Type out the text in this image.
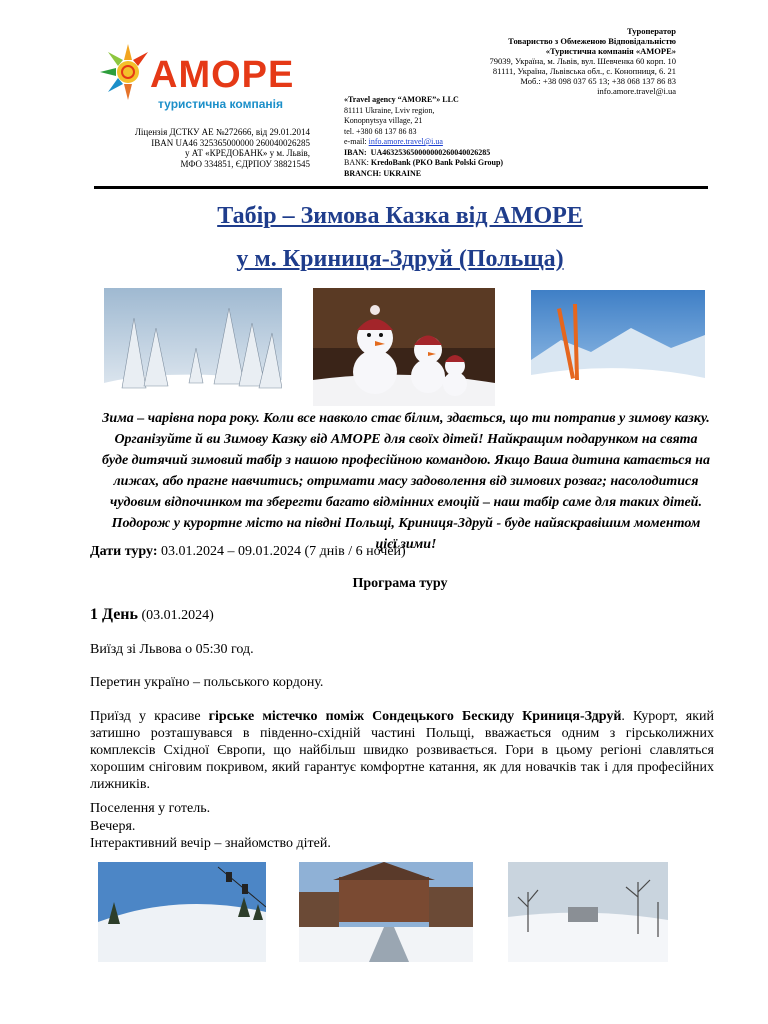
AMOPE
туристична компанія
Ліцензія ДСТКУ АЕ №272666, від 29.01.2014
IBAN UA46 325365000000 260040026285
у АТ «КРЕДОБАНК» у м. Львів,
МФО 334851, ЄДРПОУ 38821545
«Travel agency “AMORE”» LLC
81111 Ukraine, Lviv region,
Konopnytsya village, 21
tel. +380 68 137 86 83
e-mail: info.amore.travel@i.ua
IBAN: UA463253650000000260040026285
BANK: KredoBank (PKO Bank Polski Group)
BRANCH: UKRAINE
Туроператор
Товариство з Обмеженою Відповідальністю
«Туристична компанія «АМОРЕ»
79039, Україна, м. Львів, вул. Шевченка 60 корп. 10
81111, Україна, Львівська обл., с. Конопниця, 6. 21
Моб.: +38 098 037 65 13; +38 068 137 86 83
info.amore.travel@i.ua
Табір – Зимова Казка від АМОРЕ
у м. Криниця-Здруй (Польща)
Зима – чарівна пора року. Коли все навколо стає білим, здається, що ти потрапив у зимову казку. Організуйте й ви Зимову Казку від АМОРЕ для своїх дітей! Найкращим подарунком на свята буде дитячий зимовий табір з нашою професійною командою. Якщо Ваша дитина катається на лижах, або прагне навчитись; отримати масу задоволення від зимових розваг; насолодитися чудовим відпочинком та зберегти багато відмінних емоцій – наш табір саме для таких дітей. Подорож у курортне місто на півдні Польщі, Криниця-Здруй - буде найяскравішим моментом цієї зими!
Дати туру: 03.01.2024 – 09.01.2024 (7 днів / 6 ночей)
Програма туру
1 День (03.01.2024)
Виїзд зі Львова о 05:30 год.
Перетин україно – польського кордону.
Приїзд у красиве гірське містечко поміж Сондецького Бескиду Криниця-Здруй. Курорт, який затишно розташувався в південно-східній частині Польщі, вважається одним з гірськолижних комплексів Східної Європи, що найбільш швидко розвивається. Гори в цьому регіоні славляться хорошим сніговим покривом, який гарантує комфортне катання, як для новачків так і для професійних лижників.
Поселення у готель.
Вечеря.
Інтерактивний вечір – знайомство дітей.
